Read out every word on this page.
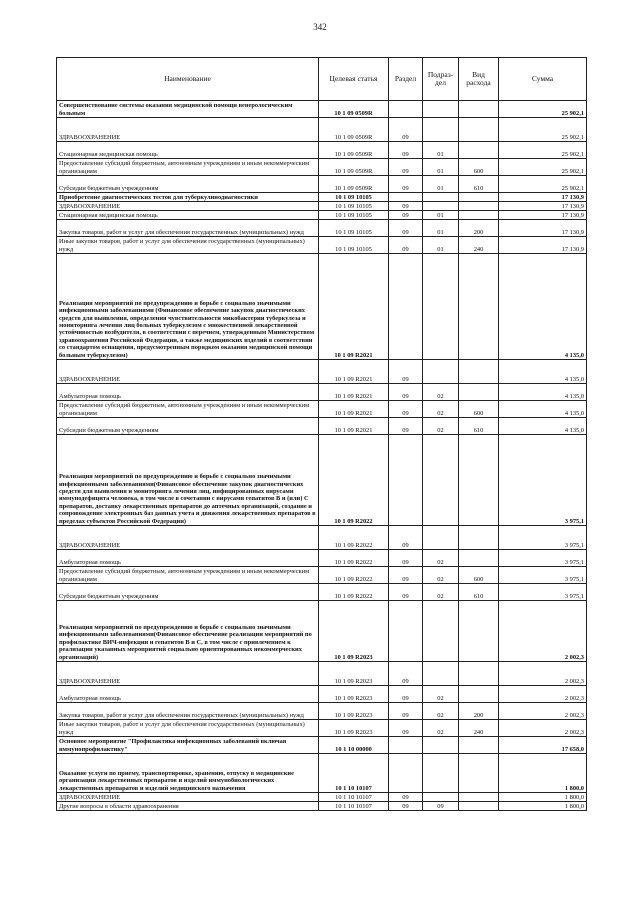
342
Наименование	Целевая статья	Раздел	Подраз- дел	Вид расхода	Сумма
Совершенствование системы оказания медицинской помощи венерологическим больным	10 1 09 0509R				25 902,1
ЗДРАВООХРАНЕНИЕ	10 1 09 0509R	09			25 902,1
Стационарная медицинская помощь	10 1 09 0509R	09	01		25 902,1
Предоставление субсидий бюджетным, автономным учреждениям и иным некоммерческим организациям	10 1 09 0509R	09	01	600	25 902,1
Субсидии бюджетным учреждениям	10 1 09 0509R	09	01	610	25 902,1
Приобретение диагностических тестов для туберкулинодиагностики	10 1 09 10105				17 130,9
ЗДРАВООХРАНЕНИЕ	10 1 09 10105	09			17 130,9
Стационарная медицинская помощь	10 1 09 10105	09	01		17 130,9
Закупка товаров, работ и услуг для обеспечения государственных (муниципальных) нужд	10 1 09 10105	09	01	200	17 130,9
Иные закупки товаров, работ и услуг для обеспечения государственных (муниципальных) нужд	10 1 09 10105	09	01	240	17 130,9
Реализация мероприятий по предупреждению и борьбе с социально значимыми инфекционными заболеваниями (Финансовое обеспечение закупок диагностических средств для выявления, определения чувствительности микобактерии туберкулеза и мониторинга лечения лиц больных туберкулезом с множественной лекарственной устойчивостью возбудителя, в соответствии с перечнем, утвержденным Министерством здравоохранения Российской Федерации, а также медицинских изделий в соответствии со стандартом оснащения, предусмотренным порядком оказания медицинской помощи больным туберкулезом)	10 1 09 R2021				4 135,0
ЗДРАВООХРАНЕНИЕ	10 1 09 R2021	09			4 135,0
Амбулаторная помощь	10 1 09 R2021	09	02		4 135,0
Предоставление субсидий бюджетным, автономным учреждениям и иным некоммерческим организациям	10 1 09 R2021	09	02	600	4 135,0
Субсидии бюджетным учреждениям	10 1 09 R2021	09	02	610	4 135,0
Реализация мероприятий по предупреждению и борьбе с социально значимыми инфекционными заболеваниями(Финансовое обеспечение закупок диагностических средств для выявления и мониторинга лечения лиц, инфицированных вирусами иммунодефицита человека, в том числе в сочетании с вирусами гепатитов В и (или) С препаратов, доставку лекарственных препаратов до аптечных организаций, создание и сопровождение электронных баз данных учета и движения лекарственных препаратов в пределах субъектов Российской Федерации)	10 1 09 R2022				3 975,1
ЗДРАВООХРАНЕНИЕ	10 1 09 R2022	09			3 975,1
Амбулаторная помощь	10 1 09 R2022	09	02		3 975,1
Предоставление субсидий бюджетным, автономным учреждениям и иным некоммерческим организациям	10 1 09 R2022	09	02	600	3 975,1
Субсидии бюджетным учреждениям	10 1 09 R2022	09	02	610	3 975,1
Реализация мероприятий по предупреждению и борьбе с социально значимыми инфекционными заболеваниями(Финансовое обеспечение реализации мероприятий по профилактике ВИЧ-инфекции и гепатитов В и С, в том числе с привлечением к реализации указанных мероприятий социально ориентированных некоммерческих организаций)	10 1 09 R2023				2 002,3
ЗДРАВООХРАНЕНИЕ	10 1 09 R2023	09			2 002,3
Амбулаторная помощь	10 1 09 R2023	09	02		2 002,3
Закупка товаров, работ и услуг для обеспечения государственных (муниципальных) нужд	10 1 09 R2023	09	02	200	2 002,3
Иные закупки товаров, работ и услуг для обеспечения государственных (муниципальных) нужд	10 1 09 R2023	09	02	240	2 002,3
Основное мероприятие "Профилактика инфекционных заболеваний включая иммунопрофилактику"	10 1 10 00000				17 658,0
Оказание услуги по приему, транспортировке, хранению, отпуску в медицинские организации лекарственных препаратов и изделий иммунобиологических лекарственных препаратов и изделий медицинского назначения	10 1 10 10107				1 800,0
ЗДРАВООХРАНЕНИЕ	10 1 10 10107	09			1 800,0
Другие вопросы в области здравоохранения	10 1 10 10107	09	09		1 800,0
